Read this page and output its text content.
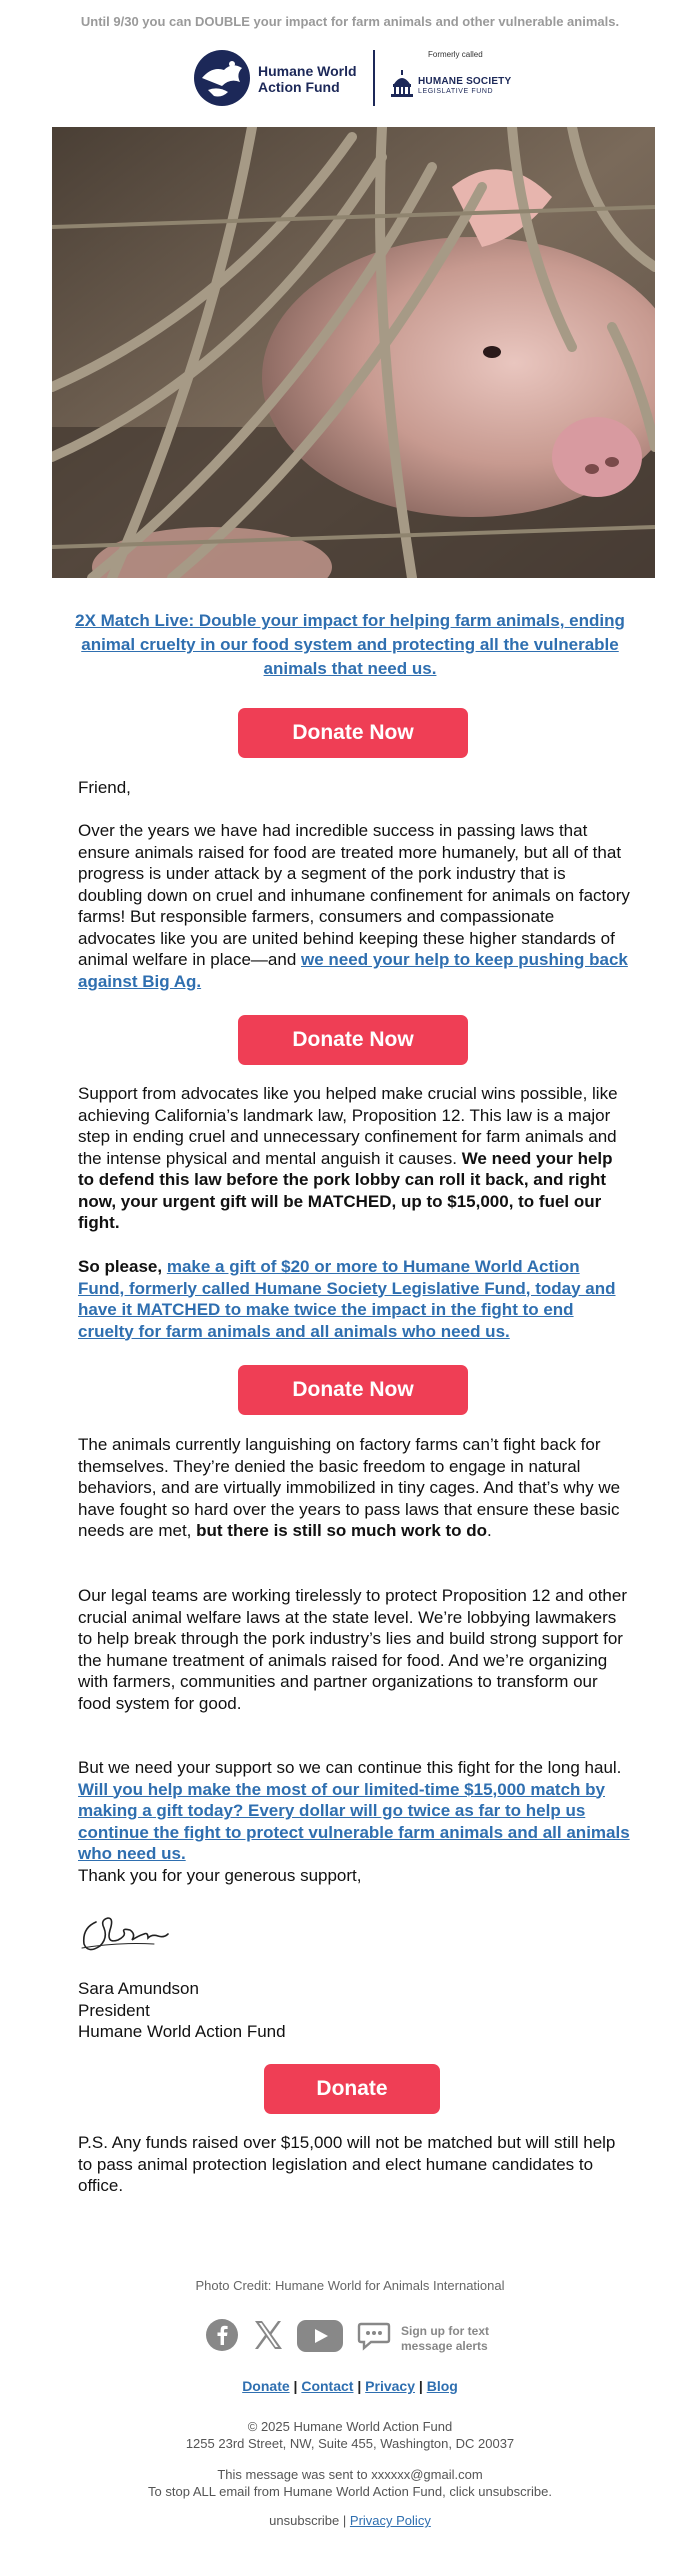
Until 9/30 you can DOUBLE your impact for farm animals and other vulnerable animals.
Humane World
Action Fund
Formerly called
HUMANE SOCIETY
LEGISLATIVE FUND
2X Match Live: Double your impact for helping farm animals, ending animal cruelty in our food system and protecting all the vulnerable animals that need us.
Donate Now
Friend,
Over the years we have had incredible success in passing laws that ensure animals raised for food are treated more humanely, but all of that progress is under attack by a segment of the pork industry that is doubling down on cruel and inhumane confinement for animals on factory farms! But responsible farmers, consumers and compassionate advocates like you are united behind keeping these higher standards of animal welfare in place—and we need your help to keep pushing back against Big Ag.
Donate Now
Support from advocates like you helped make crucial wins possible, like achieving California’s landmark law, Proposition 12. This law is a major step in ending cruel and unnecessary confinement for farm animals and the intense physical and mental anguish it causes. We need your help to defend this law before the pork lobby can roll it back, and right now, your urgent gift will be MATCHED, up to $15,000, to fuel our fight.
So please, make a gift of $20 or more to Humane World Action Fund, formerly called Humane Society Legislative Fund, today and have it MATCHED to make twice the impact in the fight to end cruelty for farm animals and all animals who need us.
Donate Now
The animals currently languishing on factory farms can’t fight back for themselves. They’re denied the basic freedom to engage in natural behaviors, and are virtually immobilized in tiny cages. And that’s why we have fought so hard over the years to pass laws that ensure these basic needs are met, but there is still so much work to do.
Our legal teams are working tirelessly to protect Proposition 12 and other crucial animal welfare laws at the state level. We’re lobbying lawmakers to help break through the pork industry’s lies and build strong support for the humane treatment of animals raised for food. And we’re organizing with farmers, communities and partner organizations to transform our food system for good.
But we need your support so we can continue this fight for the long haul. Will you help make the most of our limited-time $15,000 match by making a gift today? Every dollar will go twice as far to help us continue the fight to protect vulnerable farm animals and all animals who need us.
Thank you for your generous support,
Sara Amundson
President
Humane World Action Fund
Donate
P.S. Any funds raised over $15,000 will not be matched but will still help to pass animal protection legislation and elect humane candidates to office.
Photo Credit: Humane World for Animals International
Sign up for text
message alerts
Donate | Contact | Privacy | Blog
© 2025 Humane World Action Fund
1255 23rd Street, NW, Suite 455, Washington, DC 20037
This message was sent to xxxxxx@gmail.com
To stop ALL email from Humane World Action Fund, click unsubscribe.
unsubscribe | Privacy Policy
